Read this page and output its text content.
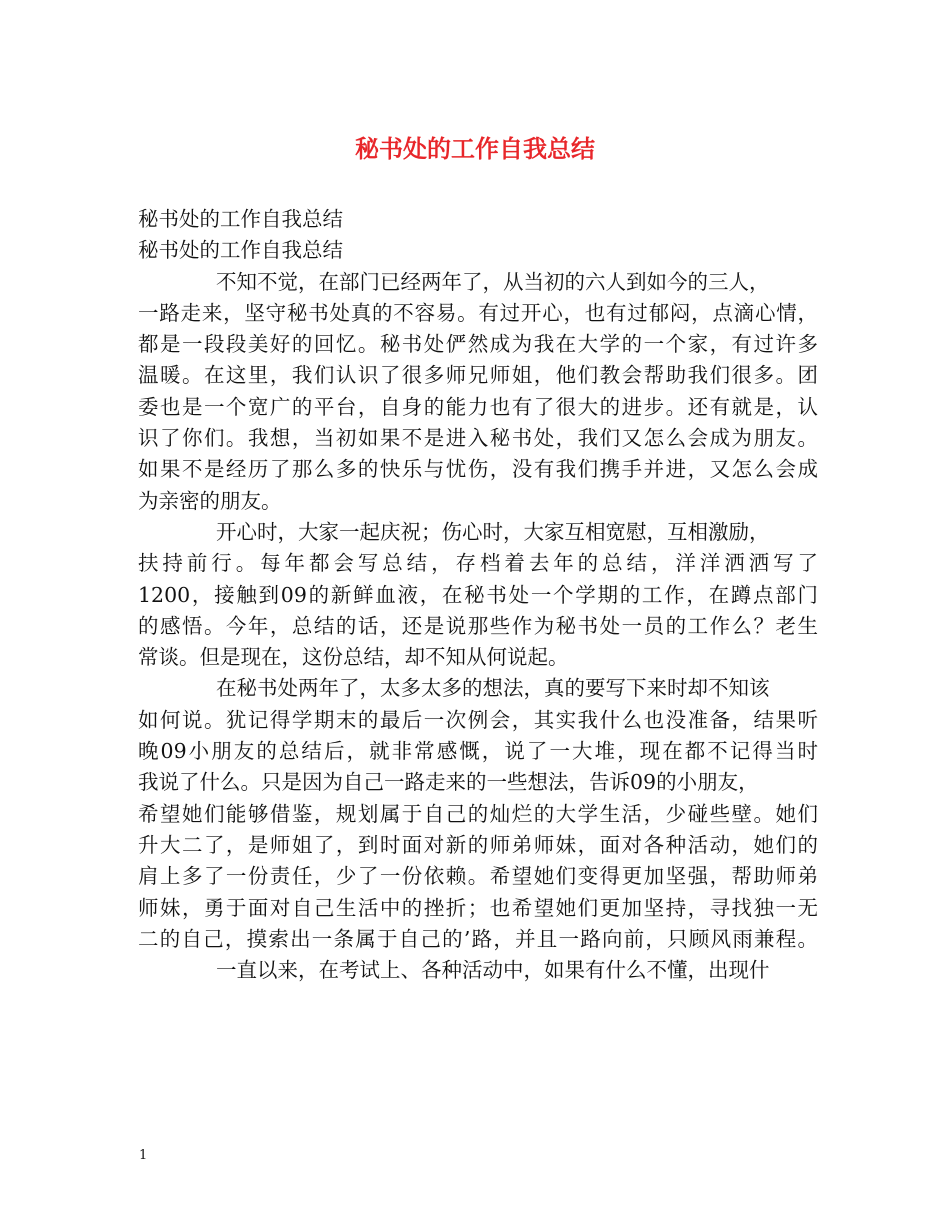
秘书处的工作自我总结

秘书处的工作自我总结

秘书处的工作自我总结

不知不觉，在部门已经两年了，从当初的六人到如今的三人，

一路走来，坚守秘书处真的不容易。有过开心，也有过郁闷，点滴心情，

都是一段段美好的回忆。秘书处俨然成为我在大学的一个家，有过许多

温暖。在这里，我们认识了很多师兄师姐，他们教会帮助我们很多。团

委也是一个宽广的平台，自身的能力也有了很大的进步。还有就是，认

识了你们。我想，当初如果不是进入秘书处，我们又怎么会成为朋友。

如果不是经历了那么多的快乐与忧伤，没有我们携手并进，又怎么会成

为亲密的朋友。

开心时，大家一起庆祝；伤心时，大家互相宽慰，互相激励，

扶持前行。每年都会写总结，存档着去年的总结，洋洋洒洒写了

1200，接触到09的新鲜血液，在秘书处一个学期的工作，在蹲点部门

的感悟。今年，总结的话，还是说那些作为秘书处一员的工作么？老生

常谈。但是现在，这份总结，却不知从何说起。

在秘书处两年了，太多太多的想法，真的要写下来时却不知该

如何说。犹记得学期末的最后一次例会，其实我什么也没准备，结果听

晚09小朋友的总结后，就非常感慨，说了一大堆，现在都不记得当时

我说了什么。只是因为自己一路走来的一些想法，告诉09的小朋友，

希望她们能够借鉴，规划属于自己的灿烂的大学生活，少碰些壁。她们

升大二了，是师姐了，到时面对新的师弟师妹，面对各种活动，她们的

肩上多了一份责任，少了一份依赖。希望她们变得更加坚强，帮助师弟

师妹，勇于面对自己生活中的挫折；也希望她们更加坚持，寻找独一无

二的自己，摸索出一条属于自己的’路，并且一路向前，只顾风雨兼程。

一直以来，在考试上、各种活动中，如果有什么不懂，出现什

1
